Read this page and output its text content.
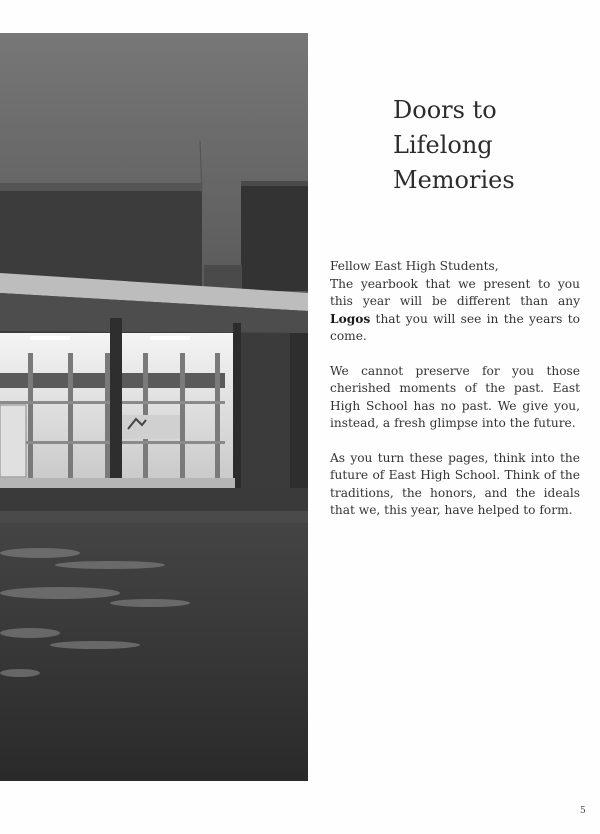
Doors to
Lifelong
Memories

Fellow East High Students,

The yearbook that we present to you this year will be different than any Logos that you will see in the years to come.

We cannot preserve for you those cherished moments of the past. East High School has no past. We give you, instead, a fresh glimpse into the future.

As you turn these pages, think into the future of East High School. Think of the traditions, the honors, and the ideals that we, this year, have helped to form.

5
